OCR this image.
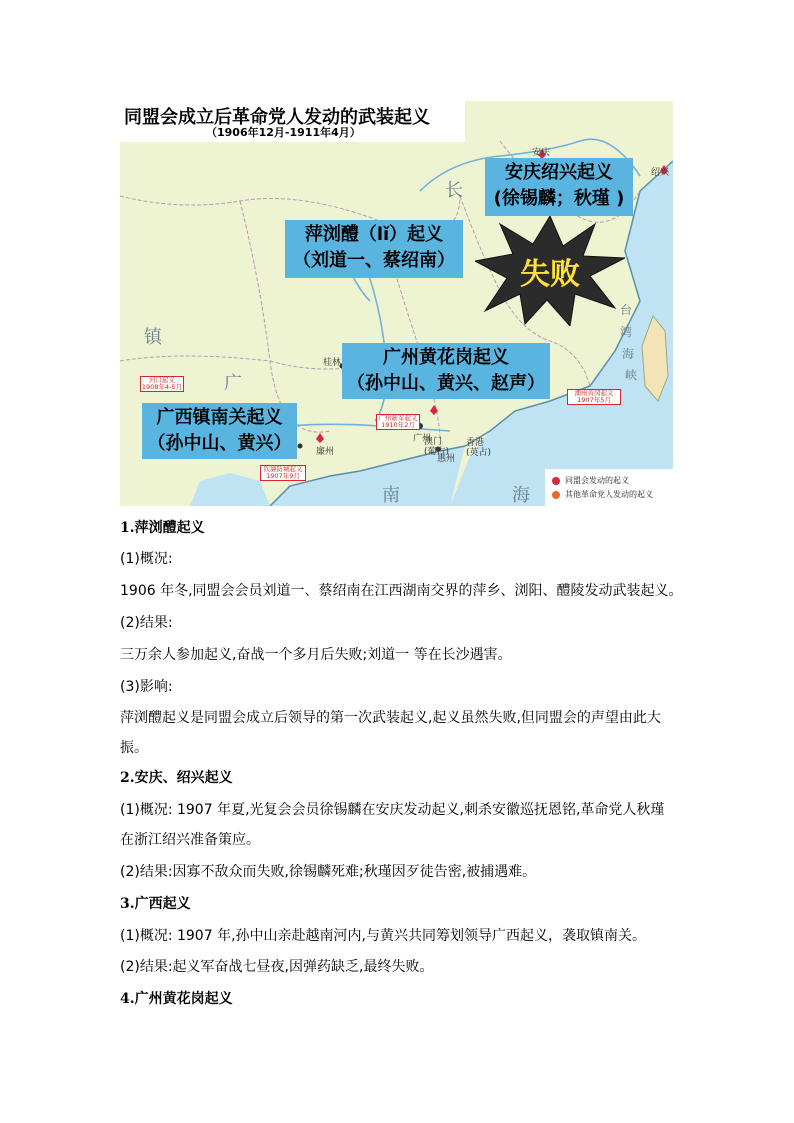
同盟会成立后革命党人发动的武装起义
（1906年12月-1911年4月）
安庆
绍兴
桂林
广州
惠州
澳门
(葡占)
香港
(英占)
廉州
镇
广
长
南	海
台
湾
海
峡
河口起义
1908年4-5月
潮州黄冈起义
1907年5月
广州新军起义
1910年2月
钦廉防城起义
1907年9月
失败
安庆绍兴起义
(徐锡麟；秋瑾 )
萍浏醴（lǐ）起义
（刘道一、蔡绍南）
广州黄花岗起义
（孙中山、黄兴、赵声）
广西镇南关起义
（孙中山、黄兴）
同盟会发动的起义
其他革命党人发动的起义
1.萍浏醴起义
(1)概况:
1906 年冬,同盟会会员刘道一、蔡绍南在江西湖南交界的萍乡、浏阳、醴陵发动武装起义。
(2)结果:
三万余人参加起义,奋战一个多月后失败;刘道一 等在长沙遇害。
(3)影响:
萍浏醴起义是同盟会成立后领导的第一次武装起义,起义虽然失败,但同盟会的声望由此大
振。
2.安庆、绍兴起义
(1)概况: 1907 年夏,光复会会员徐锡麟在安庆发动起义,刺杀安徽巡抚恩铭,革命党人秋瑾
在浙江绍兴准备策应。
(2)结果:因寡不敌众而失败,徐锡麟死难;秋瑾因歹徒告密,被捕遇难。
3.广西起义
(1)概况: 1907 年,孙中山亲赴越南河内,与黄兴共同筹划领导广西起义，袭取镇南关。
(2)结果:起义军奋战七昼夜,因弹药缺乏,最终失败。
4.广州黄花岗起义
